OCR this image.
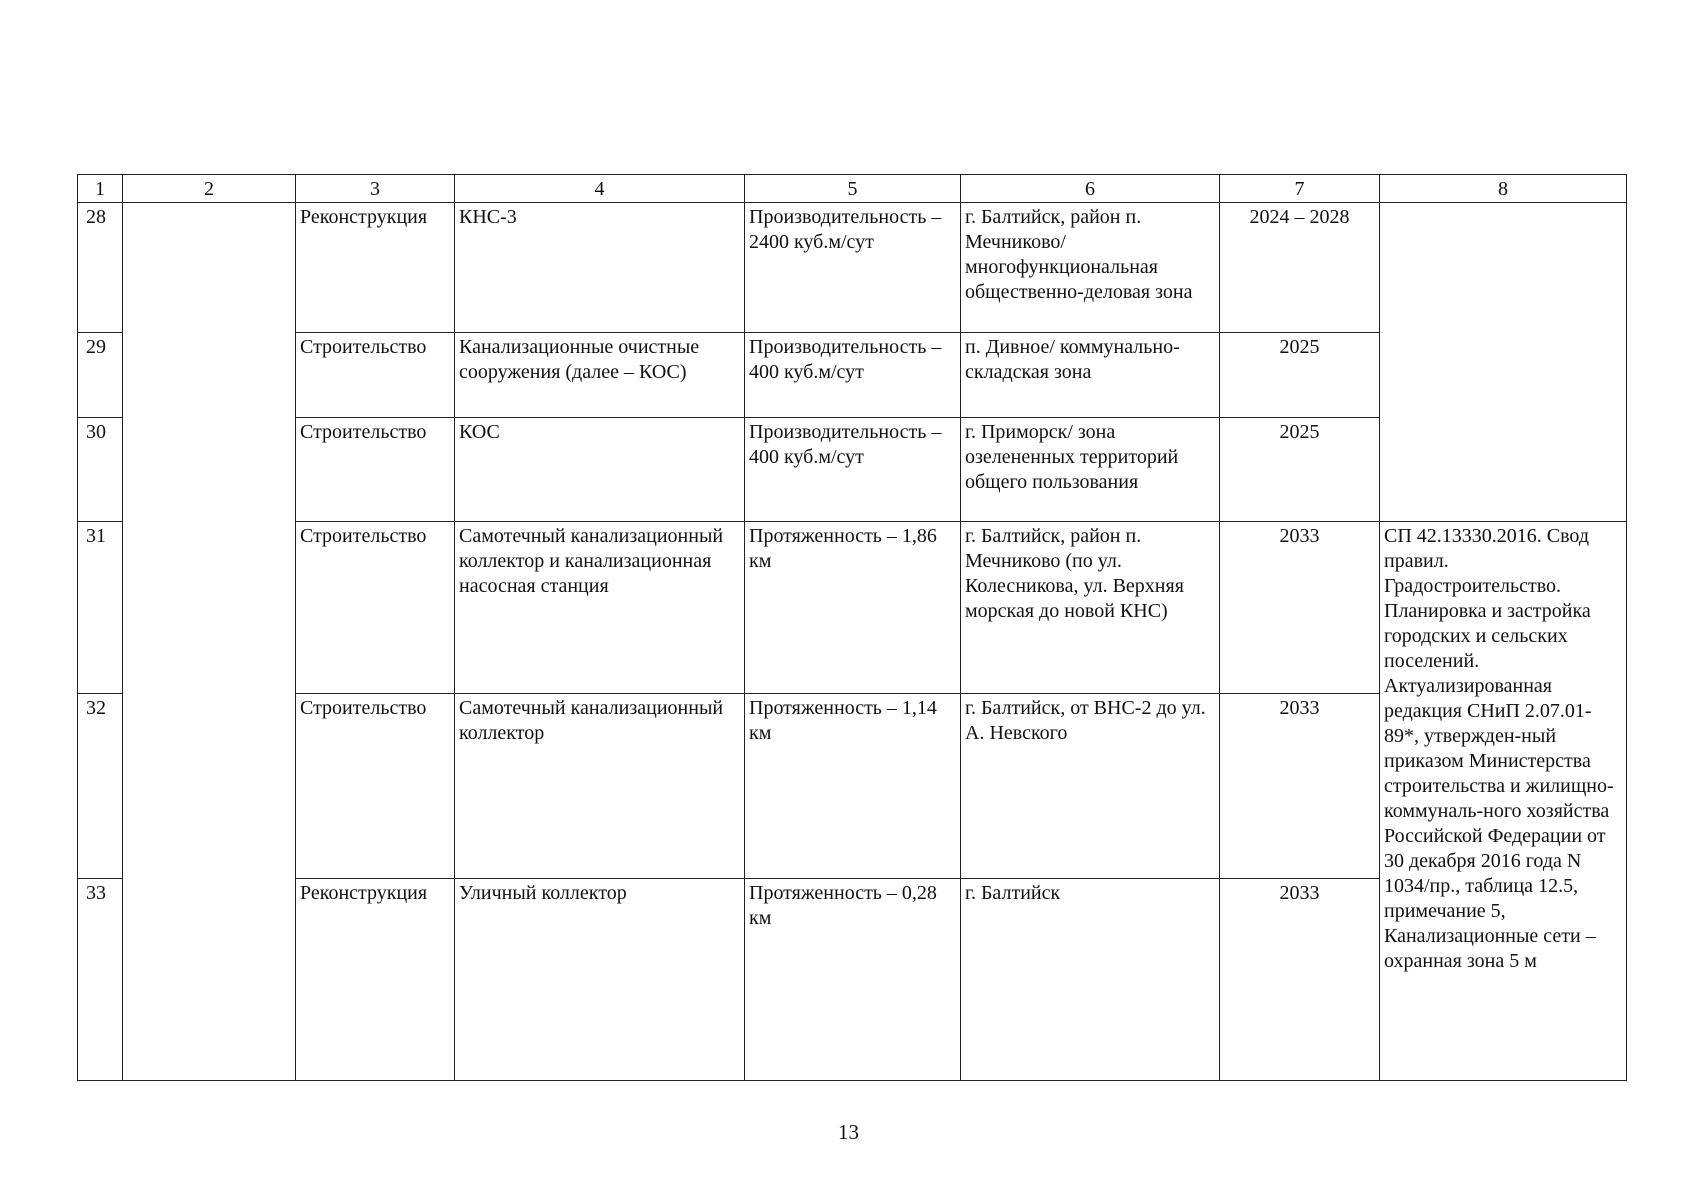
1	2	3	4	5	6	7	8
28		Реконструкция	КНС-3	Производительность – 2400 куб.м/сут	г. Балтийск, район п. Мечниково/ многофункциональная общественно-деловая зона	2024 – 2028	
29		Строительство	Канализационные очистные сооружения (далее – КОС)	Производительность – 400 куб.м/сут	п. Дивное/ коммунально-складская зона	2025	
30		Строительство	КОС	Производительность – 400 куб.м/сут	г. Приморск/ зона озелененных территорий общего пользования	2025	
31		Строительство	Самотечный канализационный коллектор и канализационная насосная станция	Протяженность – 1,86 км	г. Балтийск, район п. Мечниково (по ул. Колесникова, ул. Верхняя морская до новой КНС)	2033	СП 42.13330.2016. Свод правил. Градостроительство. Планировка и застройка городских и сельских поселений. Актуализированная редакция СНиП 2.07.01-89*, утвержден-ный приказом Министерства строительства и жилищно-коммуналь-ного хозяйства Российской Федерации от 30 декабря 2016 года N 1034/пр., таблица 12.5, примечание 5, Канализационные сети – охранная зона 5 м
32		Строительство	Самотечный канализационный коллектор	Протяженность – 1,14 км	г. Балтийск, от ВНС-2 до ул. А. Невского	2033	
33		Реконструкция	Уличный коллектор	Протяженность – 0,28 км	г. Балтийск	2033	
13
